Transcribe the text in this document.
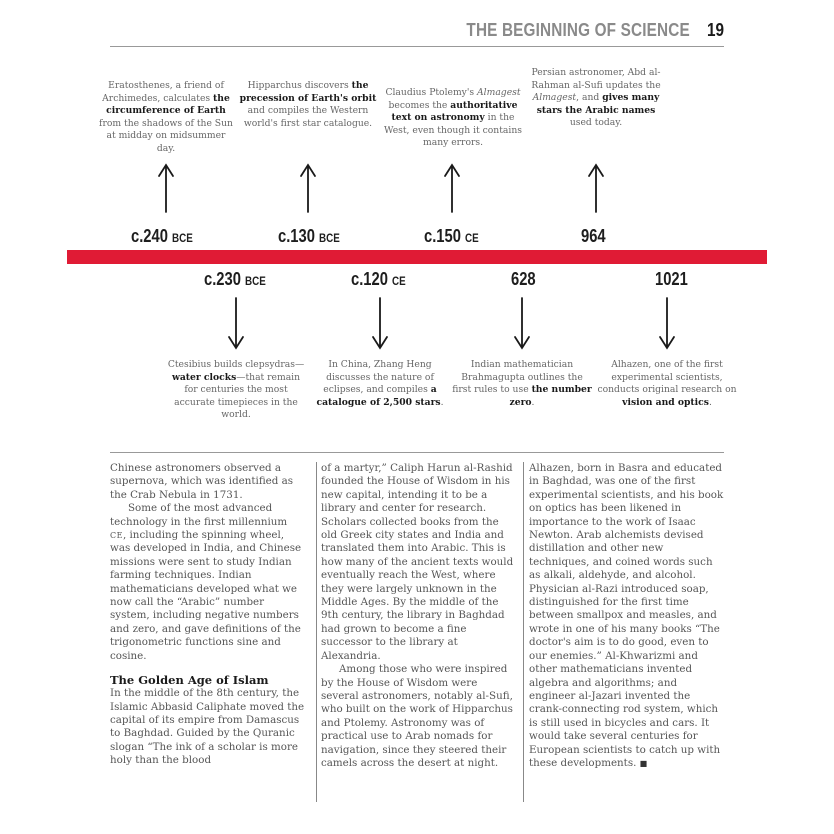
THE BEGINNING OF SCIENCE 19
Eratosthenes, a friend of Archimedes, calculates the circumference of Earth from the shadows of the Sun at midday on midsummer day.
Hipparchus discovers the precession of Earth's orbit and compiles the Western world's first star catalogue.
Claudius Ptolemy's Almagest becomes the authoritative text on astronomy in the West, even though it contains many errors.
Persian astronomer, Abd al-Rahman al-Sufi updates the Almagest, and gives many stars the Arabic names used today.
c.240 BCE	c.130 BCE	c.150 CE	964
c.230 BCE	c.120 CE	628	1021
Ctesibius builds clepsydras—water clocks—that remain for centuries the most accurate timepieces in the world.
In China, Zhang Heng discusses the nature of eclipses, and compiles a catalogue of 2,500 stars.
Indian mathematician Brahmagupta outlines the first rules to use the number zero.
Alhazen, one of the first experimental scientists, conducts original research on vision and optics.

Chinese astronomers observed a supernova, which was identified as the Crab Nebula in 1731.

Some of the most advanced technology in the first millennium CE, including the spinning wheel, was developed in India, and Chinese missions were sent to study Indian farming techniques. Indian mathematicians developed what we now call the “Arabic” number system, including negative numbers and zero, and gave definitions of the trigonometric functions sine and cosine.

The Golden Age of Islam

In the middle of the 8th century, the Islamic Abbasid Caliphate moved the capital of its empire from Damascus to Baghdad. Guided by the Quranic slogan “The ink of a scholar is more holy than the blood

of a martyr,” Caliph Harun al-Rashid founded the House of Wisdom in his new capital, intending it to be a library and center for research. Scholars collected books from the old Greek city states and India and translated them into Arabic. This is how many of the ancient texts would eventually reach the West, where they were largely unknown in the Middle Ages. By the middle of the 9th century, the library in Baghdad had grown to become a fine successor to the library at Alexandria.

Among those who were inspired by the House of Wisdom were several astronomers, notably al-Sufi, who built on the work of Hipparchus and Ptolemy. Astronomy was of practical use to Arab nomads for navigation, since they steered their camels across the desert at night.

Alhazen, born in Basra and educated in Baghdad, was one of the first experimental scientists, and his book on optics has been likened in importance to the work of Isaac Newton. Arab alchemists devised distillation and other new techniques, and coined words such as alkali, aldehyde, and alcohol. Physician al-Razi introduced soap, distinguished for the first time between smallpox and measles, and wrote in one of his many books “The doctor's aim is to do good, even to our enemies.” Al-Khwarizmi and other mathematicians invented algebra and algorithms; and engineer al-Jazari invented the crank-connecting rod system, which is still used in bicycles and cars. It would take several centuries for European scientists to catch up with these developments. ■
